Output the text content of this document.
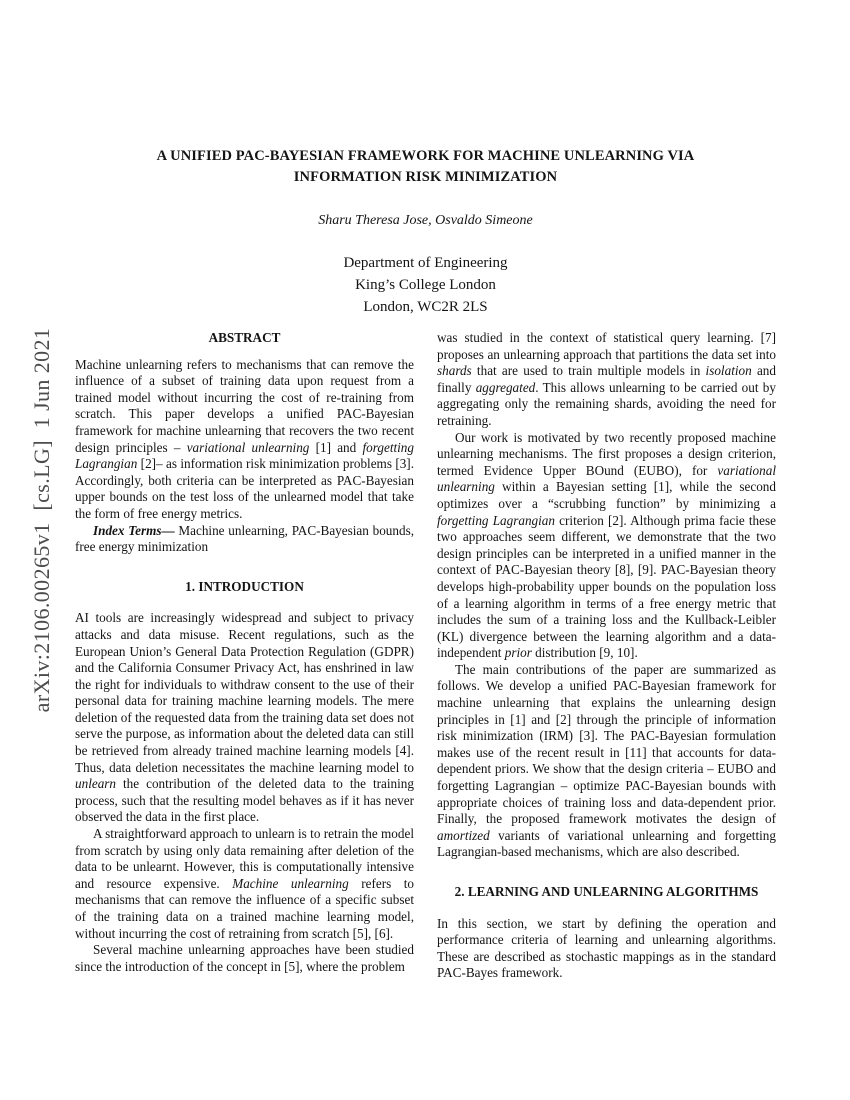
arXiv:2106.00265v1  [cs.LG]  1 Jun 2021
A UNIFIED PAC-BAYESIAN FRAMEWORK FOR MACHINE UNLEARNING VIA
INFORMATION RISK MINIMIZATION
Sharu Theresa Jose, Osvaldo Simeone
Department of Engineering
King’s College London
London, WC2R 2LS
ABSTRACT

Machine unlearning refers to mechanisms that can remove the influence of a subset of training data upon request from a trained model without incurring the cost of re-training from scratch. This paper develops a unified PAC-Bayesian framework for machine unlearning that recovers the two recent design principles – variational unlearning [1] and forgetting Lagrangian [2]– as information risk minimization problems [3]. Accordingly, both criteria can be interpreted as PAC-Bayesian upper bounds on the test loss of the unlearned model that take the form of free energy metrics.

Index Terms— Machine unlearning, PAC-Bayesian bounds, free energy minimization

1. INTRODUCTION

AI tools are increasingly widespread and subject to privacy attacks and data misuse. Recent regulations, such as the European Union’s General Data Protection Regulation (GDPR) and the California Consumer Privacy Act, has enshrined in law the right for individuals to withdraw consent to the use of their personal data for training machine learning models. The mere deletion of the requested data from the training data set does not serve the purpose, as information about the deleted data can still be retrieved from already trained machine learning models [4]. Thus, data deletion necessitates the machine learning model to unlearn the contribution of the deleted data to the training process, such that the resulting model behaves as if it has never observed the data in the first place.

A straightforward approach to unlearn is to retrain the model from scratch by using only data remaining after deletion of the data to be unlearnt. However, this is computationally intensive and resource expensive. Machine unlearning refers to mechanisms that can remove the influence of a specific subset of the training data on a trained machine learning model, without incurring the cost of retraining from scratch [5], [6].

Several machine unlearning approaches have been studied since the introduction of the concept in [5], where the problem

was studied in the context of statistical query learning. [7] proposes an unlearning approach that partitions the data set into shards that are used to train multiple models in isolation and finally aggregated. This allows unlearning to be carried out by aggregating only the remaining shards, avoiding the need for retraining.

Our work is motivated by two recently proposed machine unlearning mechanisms. The first proposes a design criterion, termed Evidence Upper BOund (EUBO), for variational unlearning within a Bayesian setting [1], while the second optimizes over a “scrubbing function” by minimizing a forgetting Lagrangian criterion [2]. Although prima facie these two approaches seem different, we demonstrate that the two design principles can be interpreted in a unified manner in the context of PAC-Bayesian theory [8], [9]. PAC-Bayesian theory develops high-probability upper bounds on the population loss of a learning algorithm in terms of a free energy metric that includes the sum of a training loss and the Kullback-Leibler (KL) divergence between the learning algorithm and a data-independent prior distribution [9, 10].

The main contributions of the paper are summarized as follows. We develop a unified PAC-Bayesian framework for machine unlearning that explains the unlearning design principles in [1] and [2] through the principle of information risk minimization (IRM) [3]. The PAC-Bayesian formulation makes use of the recent result in [11] that accounts for data-dependent priors. We show that the design criteria – EUBO and forgetting Lagrangian – optimize PAC-Bayesian bounds with appropriate choices of training loss and data-dependent prior. Finally, the proposed framework motivates the design of amortized variants of variational unlearning and forgetting Lagrangian-based mechanisms, which are also described.

2. LEARNING AND UNLEARNING ALGORITHMS

In this section, we start by defining the operation and performance criteria of learning and unlearning algorithms. These are described as stochastic mappings as in the standard PAC-Bayes framework.
